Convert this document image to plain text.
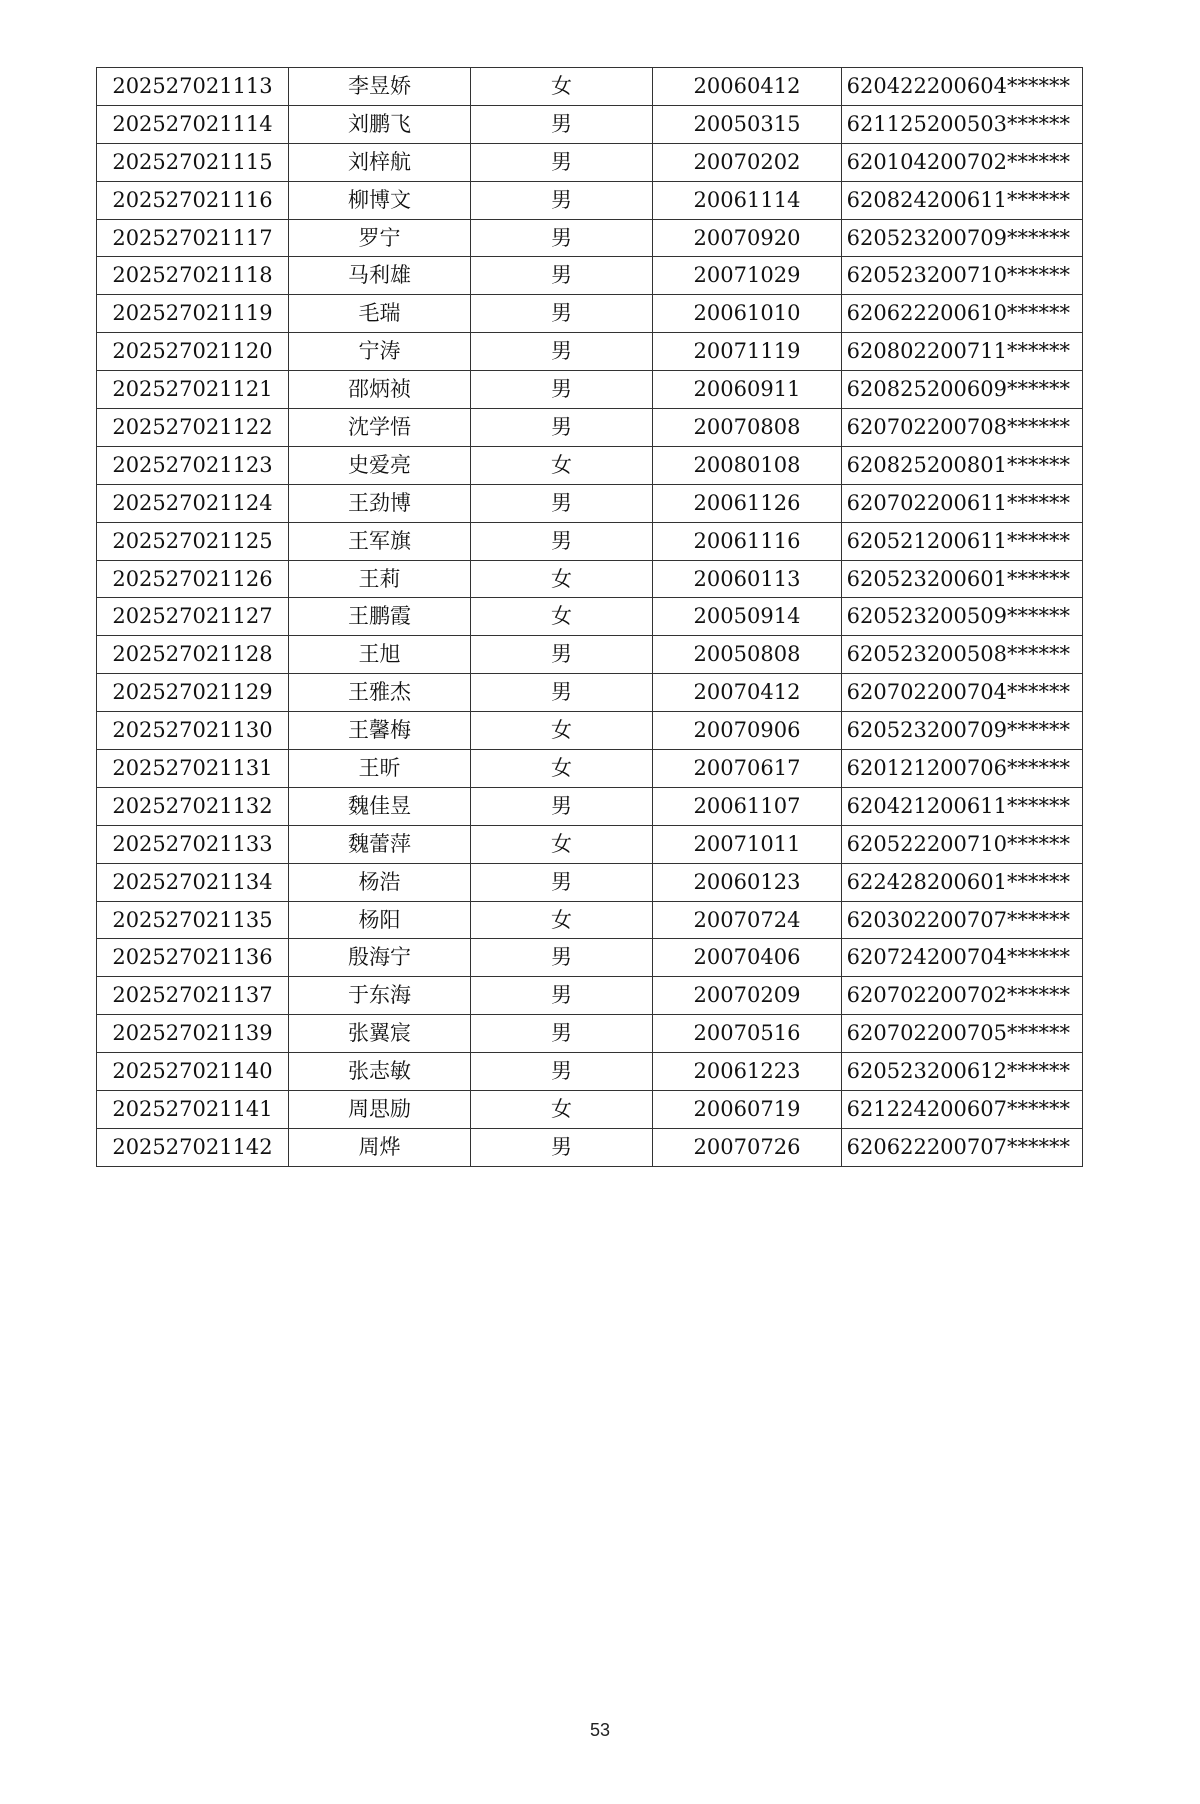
202527021113	李昱娇	女	20060412	620422200604******
202527021114	刘鹏飞	男	20050315	621125200503******
202527021115	刘梓航	男	20070202	620104200702******
202527021116	柳博文	男	20061114	620824200611******
202527021117	罗宁	男	20070920	620523200709******
202527021118	马利雄	男	20071029	620523200710******
202527021119	毛瑞	男	20061010	620622200610******
202527021120	宁涛	男	20071119	620802200711******
202527021121	邵炳祯	男	20060911	620825200609******
202527021122	沈学悟	男	20070808	620702200708******
202527021123	史爱亮	女	20080108	620825200801******
202527021124	王劲博	男	20061126	620702200611******
202527021125	王军旗	男	20061116	620521200611******
202527021126	王莉	女	20060113	620523200601******
202527021127	王鹏霞	女	20050914	620523200509******
202527021128	王旭	男	20050808	620523200508******
202527021129	王雅杰	男	20070412	620702200704******
202527021130	王馨梅	女	20070906	620523200709******
202527021131	王昕	女	20070617	620121200706******
202527021132	魏佳昱	男	20061107	620421200611******
202527021133	魏蕾萍	女	20071011	620522200710******
202527021134	杨浩	男	20060123	622428200601******
202527021135	杨阳	女	20070724	620302200707******
202527021136	殷海宁	男	20070406	620724200704******
202527021137	于东海	男	20070209	620702200702******
202527021139	张翼宸	男	20070516	620702200705******
202527021140	张志敏	男	20061223	620523200612******
202527021141	周思励	女	20060719	621224200607******
202527021142	周烨	男	20070726	620622200707******
53
